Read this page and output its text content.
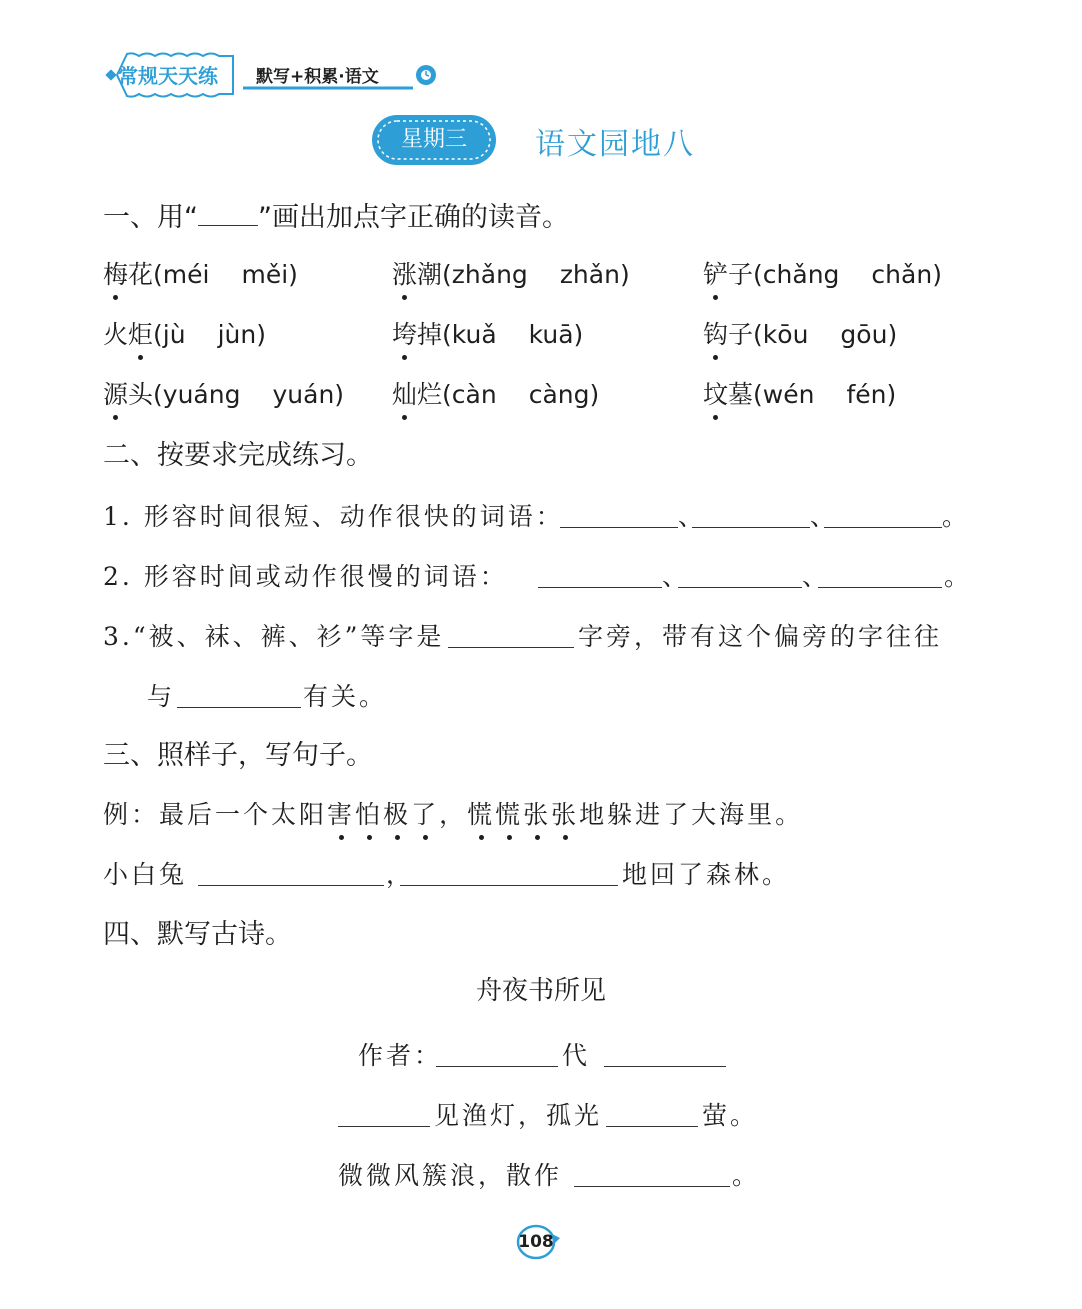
常规天天练 默写+积累·语文
星期三	语文园地八
一、用“ ”画出加点字正确的读音。
梅花(méi měi)	涨潮(zhǎng zhǎn)	铲子(chǎng chǎn)
火炬(jù jùn)	垮掉(kuǎ kuā)	钩子(kōu gōu)
源头(yuáng yuán) 灿烂(càn càng)	坟墓(wén fén)
二、按要求完成练习。
1. 形容时间很短、动作很快的词语：	、	、	。
2. 形容时间或动作很慢的词语：	、	、	。
3.“被、袜、裤、衫”等字是	字旁，带有这个偏旁的字往往
与	有关。
三、照样子，写句子。
例：最后一个太阳害怕极了，慌慌张张地躲进了大海里。
小白兔	，	地回了森林。
四、默写古诗。
舟夜书所见
作者：	代
见渔灯，孤光	萤。
微微风簇浪，散作	。
108
